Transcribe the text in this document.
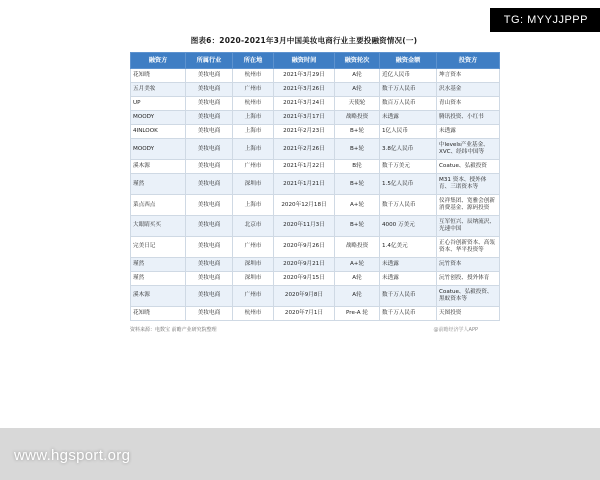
TG: MYYJJPPP
www.hgsport.org
图表6：2020-2021年3月中国美妆电商行业主要投融资情况(一)
融资方	所属行业	所在地	融资时间	融资轮次	融资金额	投资方
花知晓	美妆电商	杭州市	2021年3月29日	A轮	近亿人民币	坤言资本
五月美妆	美妆电商	广州市	2021年3月26日	A轮	数千万人民币	沢水基金
UP	美妆电商	杭州市	2021年3月24日	天使轮	数百万人民币	青山资本
MOODY	美妆电商	上海市	2021年3月17日	战略投资	未透露	腾讯投资、小红书
4INLOOK	美妆电商	上海市	2021年2月23日	B+轮	1亿人民币	未透露
MOODY	美妆电商	上海市	2021年2月26日	B+轮	3.8亿人民币	中levels产业基金、XVC、经纬中国等
溪木源	美妆电商	广州市	2021年1月22日	B轮	数千万美元	Coatue、弘毅投资
瑾然	美妆电商	深圳市	2021年1月21日	B+轮	1.5亿人民币	M31 资本、授外体育、三诺资本等
菜点西点	美妆电商	上海市	2020年12月18日	A+轮	数千万人民币	仪祥集团、宽雅会创新消费基金、源码投资
大眼睛买买	美妆电商	北京市	2020年11月3日	B+轮	4000 万美元	互军恒兴、辰纳流沢、光速中国
完美日记	美妆电商	广州市	2020年9月26日	战略投资	1.4亿美元	正心谷创新资本、高瓴资本、华平投资等
瑾然	美妆电商	深圳市	2020年9月21日	A+轮	未透露	沅竹资本
瑾然	美妆电商	深圳市	2020年9月15日	A轮	未透露	沅竹创投、授外体育
溪木源	美妆电商	广州市	2020年9月8日	A轮	数千万人民币	Coatue、弘毅投资、黑蚁资本等
花知晓	美妆电商	杭州市	2020年7月1日	Pre-A 轮	数千万人民币	天图投资
资料来源：电数宝 前瞻产业研究院整理	@前瞻经济学人APP
